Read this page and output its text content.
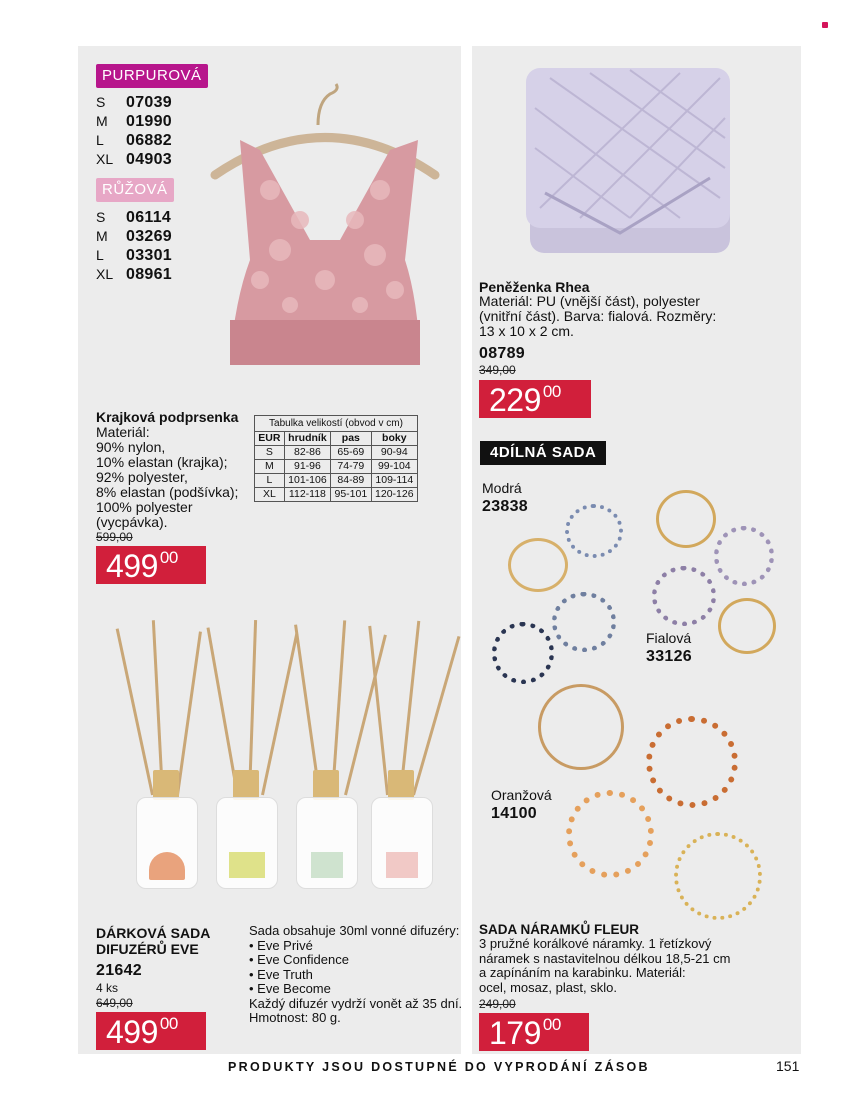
PURPUROVÁ
S	07039
M	01990
L	06882
XL 04903
RŮŽOVÁ
S	06114
M	03269
L	03301
XL 08961
Krajková podprsenka
Materiál:
90% nylon,
10% elastan (krajka);
92% polyester,
8% elastan (podšívka);
100% polyester
(vycpávka).
599,00
499 00
Tabulka velikostí (obvod v cm)
EUR	hrudník	pas	boky
S	82-86	65-69	90-94
M	91-96	74-79	99-104
L	101-106	84-89	109-114
XL	112-118	95-101	120-126
DÁRKOVÁ SADA
DIFUZÉRŮ EVE
21642
4 ks
649,00
499 00
Sada obsahuje 30ml vonné difuzéry:
• Eve Privé
• Eve Confidence
• Eve Truth
• Eve Become
Každý difuzér vydrží vonět až 35 dní.
Hmotnost: 80 g.
Peněženka Rhea
Materiál: PU (vnější část), polyester
(vnitřní část). Barva: fialová. Rozměry:
13 x 10 x 2 cm.
08789
349,00
229 00
4DÍLNÁ SADA
Modrá
23838
Fialová
33126
Oranžová
14100
SADA NÁRAMKŮ FLEUR
3 pružné korálkové náramky. 1 řetízkový
náramek s nastavitelnou délkou 18,5-21 cm
a zapínáním na karabinku. Materiál:
ocel, mosaz, plast, sklo.
249,00
179 00
PRODUKTY JSOU DOSTUPNÉ DO VYPRODÁNÍ ZÁSOB	151
